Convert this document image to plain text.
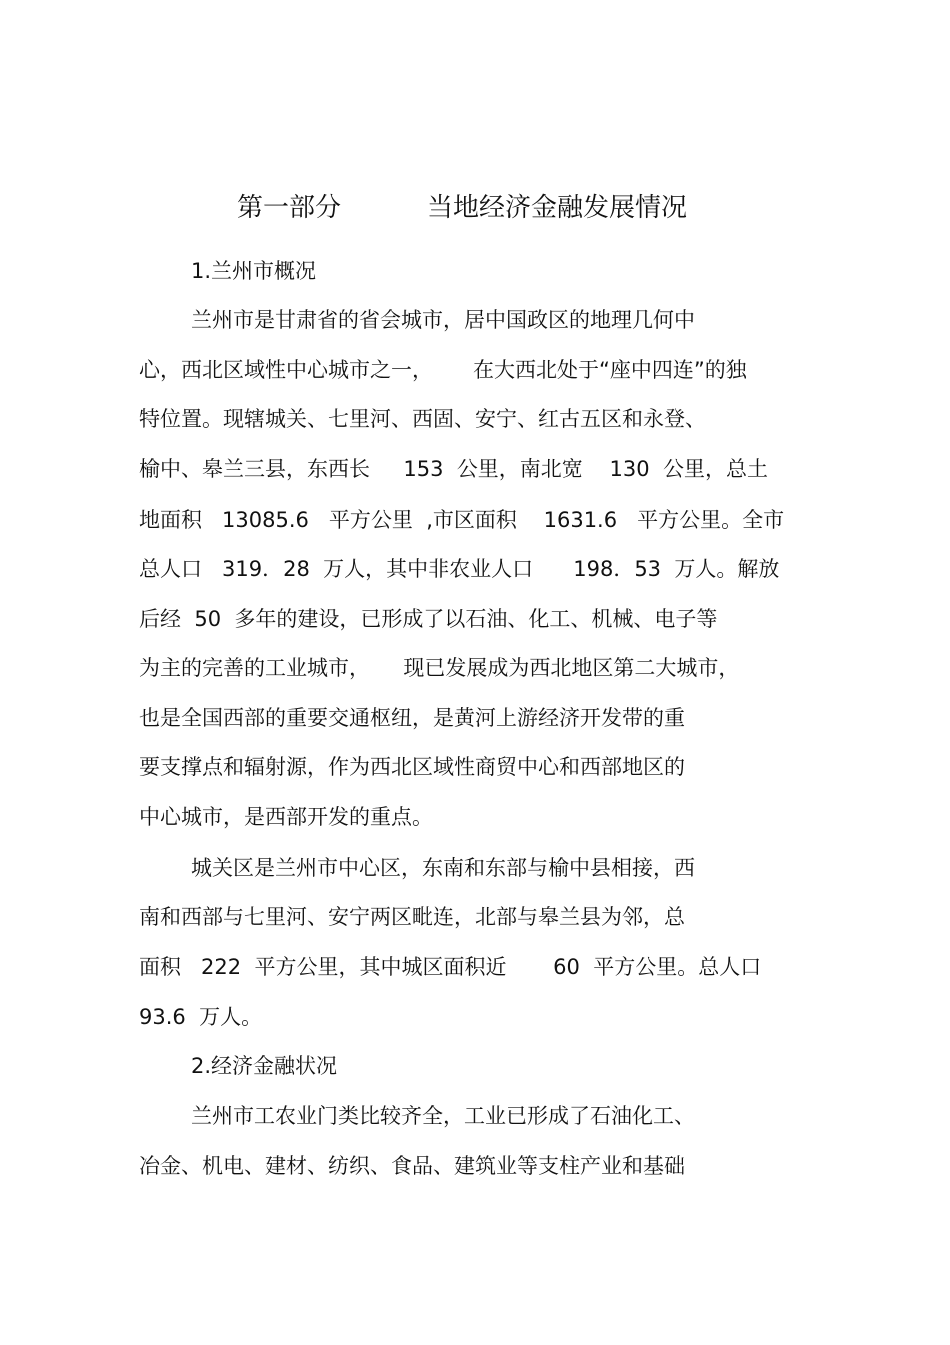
第一部分	当地经济金融发展情况
1.兰州市概况
兰州市是甘肃省的省会城市，居中国政区的地理几何中
心，西北区域性中心城市之一，      在大西北处于“座中四连”的独
特位置。现辖城关、七里河、西固、安宁、红古五区和永登、
榆中、皋兰三县，东西长     153  公里，南北宽    130  公里，总土
地面积   13085.6   平方公里  ,市区面积    1631.6   平方公里。全市
总人口   319．28  万人，其中非农业人口      198．53  万人。解放
后经  50  多年的建设，已形成了以石油、化工、机械、电子等
为主的完善的工业城市，     现已发展成为西北地区第二大城市，
也是全国西部的重要交通枢纽，是黄河上游经济开发带的重
要支撑点和辐射源，作为西北区域性商贸中心和西部地区的
中心城市，是西部开发的重点。
城关区是兰州市中心区，东南和东部与榆中县相接，西
南和西部与七里河、安宁两区毗连，北部与皋兰县为邻，总
面积   222  平方公里，其中城区面积近       60  平方公里。总人口
93.6  万人。
2.经济金融状况
兰州市工农业门类比较齐全，工业已形成了石油化工、
冶金、机电、建材、纺织、食品、建筑业等支柱产业和基础
